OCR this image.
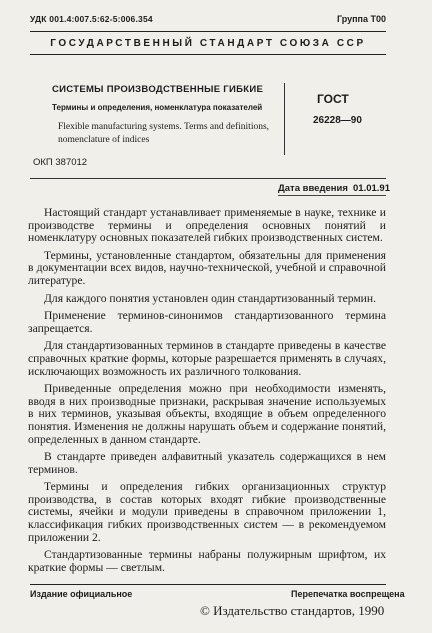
УДК 001.4:007.5:62-5:006.354	Группа Т00
ГОСУДАРСТВЕННЫЙ СТАНДАРТ СОЮЗА ССР
СИСТЕМЫ ПРОИЗВОДСТВЕННЫЕ ГИБКИЕ
Термины и определения, номенклатура показателей
Flexible manufacturing systems. Terms and definitions, nomenclature of indices
ГОСТ
26228—90
ОКП 387012
Дата введения 01.01.91

Настоящий стандарт устанавливает применяемые в науке, технике и производстве термины и определения основных понятий и номенклатуру основных показателей гибких производственных систем.

Термины, установленные стандартом, обязательны для применения в документации всех видов, научно-технической, учебной и справочной литературе.

Для каждого понятия установлен один стандартизованный термин.

Применение терминов-синонимов стандартизованного термина запрещается.

Для стандартизованных терминов в стандарте приведены в качестве справочных краткие формы, которые разрешается применять в случаях, исключающих возможность их различного толкования.

Приведенные определения можно при необходимости изменять, вводя в них производные признаки, раскрывая значение используемых в них терминов, указывая объекты, входящие в объем определенного понятия. Изменения не должны нарушать объем и содержание понятий, определенных в данном стандарте.

В стандарте приведен алфавитный указатель содержащихся в нем терминов.

Термины и определения гибких организационных структур производства, в состав которых входят гибкие производственные системы, ячейки и модули приведены в справочном приложении 1, классификация гибких производственных систем — в рекомендуемом приложении 2.

Стандартизованные термины набраны полужирным шрифтом, их краткие формы — светлым.

Издание официальное	Перепечатка воспрещена
© Издательство стандартов, 1990
